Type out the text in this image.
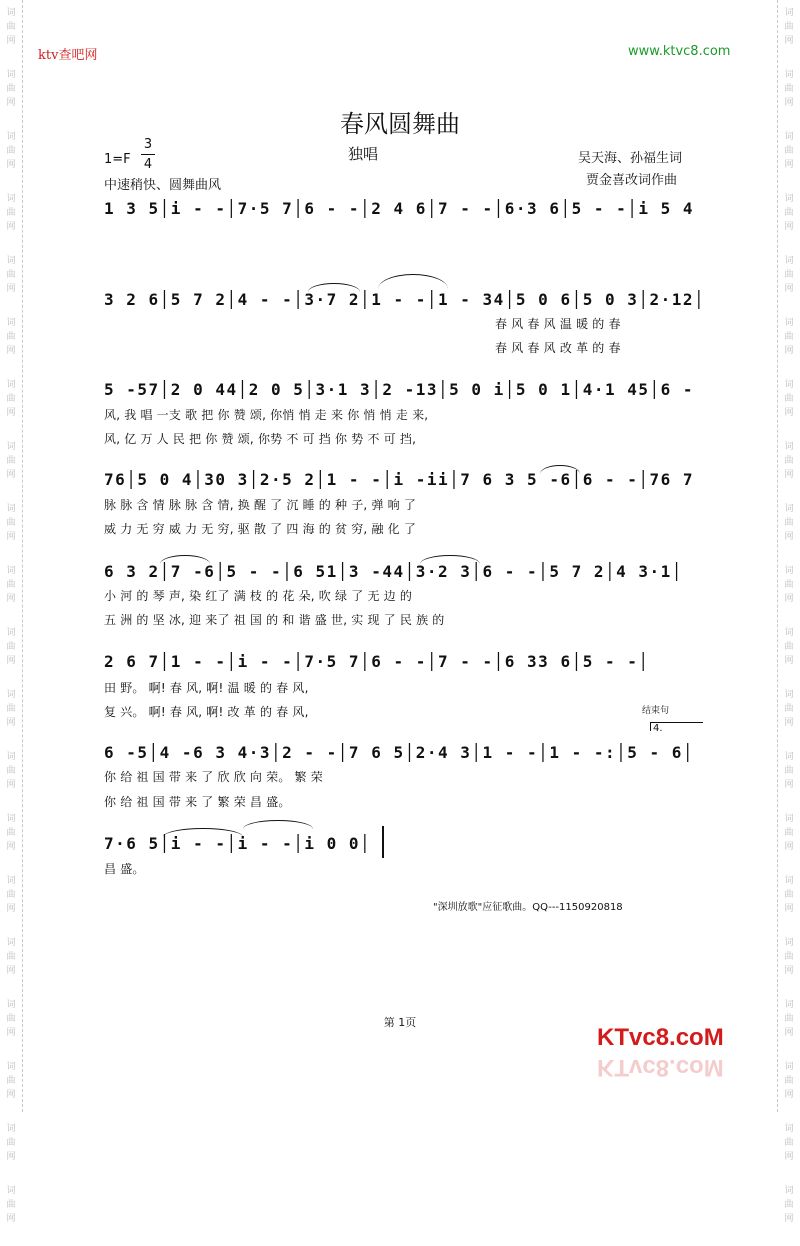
词
曲
网
词
曲
网
词
曲
网
词
曲
网
词
曲
网
词
曲
网
词
曲
网
词
曲
网
词
曲
网
词
曲
网
词
曲
网
词
曲
网
词
曲
网
词
曲
网
词
曲
网
词
曲
网
词
曲
网
词
曲
网
词
曲
网
词
曲
网
词
曲
网
词
曲
网
词
曲
网
词
曲
网
词
曲
网
词
曲
网
词
曲
网
词
曲
网
词
曲
网
词
曲
网
词
曲
网
词
曲
网
词
曲
网
词
曲
网
词
曲
网
词
曲
网
词
曲
网
词
曲
网
词
曲
网
词
曲
网
ktv查吧网	www.ktvc8.com
春风圆舞曲
独唱
1=F
3
4
中速稍快、圆舞曲风
吴天海、孙福生词
贾金喜改词作曲
1 3 5│i - -│7·5 7│6 - -│2 4 6│7 - -│6·3 6│5 - -│i 5 4
3 2 6│5 7 2│4 - -│3·7 2│1 - -│1 - 34│5 0 6│5 0 3│2·12│
春 风 春 风 温 暖 的 春
春 风 春 风 改 革 的 春
5 -57│2 0 44│2 0 5│3·1 3│2 -13│5 0 i│5 0 1│4·1 45│6 -
风, 我 唱 一支 歌 把 你 赞 颂, 你悄 悄 走 来 你 悄 悄 走 来,
风, 亿 万 人 民 把 你 赞 颂, 你势 不 可 挡 你 势 不 可 挡,
76│5 0 4│30 3│2·5 2│1 - -│i -ii│7 6 3 5 -6│6 - -│76 7
脉 脉 含 情 脉 脉 含 情, 换 醒 了 沉 睡 的 种 子, 弹 响 了
威 力 无 穷 威 力 无 穷, 驱 散 了 四 海 的 贫 穷, 融 化 了
6 3 2│7 -6│5 - -│6 51│3 -44│3·2 3│6 - -│5 7 2│4 3·1│
小 河 的 琴 声, 染 红了 满 枝 的 花 朵, 吹 绿 了 无 边 的
五 洲 的 坚 冰, 迎 来了 祖 国 的 和 谐 盛 世, 实 现 了 民 族 的
2 6 7│1 - -│i - -│7·5 7│6 - -│7 - -│6 33 6│5 - -│
田 野。 啊! 春 风, 啊! 温 暖 的 春 风,
复 兴。 啊! 春 风, 啊! 改 革 的 春 风,	结束句
4.
6 -5│4 -6 3 4·3│2 - -│7 6 5│2·4 3│1 - -│1 - -:│5 - 6│
你 给 祖 国 带 来 了 欣 欣 向 荣。 繁 荣
你 给 祖 国 带 来 了 繁 荣 昌 盛。
7·6 5│i - -│i - -│i 0 0│
昌 盛。
"深圳放歌"应征歌曲。QQ---1150920818
第 1页
KTvc8.coM
KTvc8.coM
